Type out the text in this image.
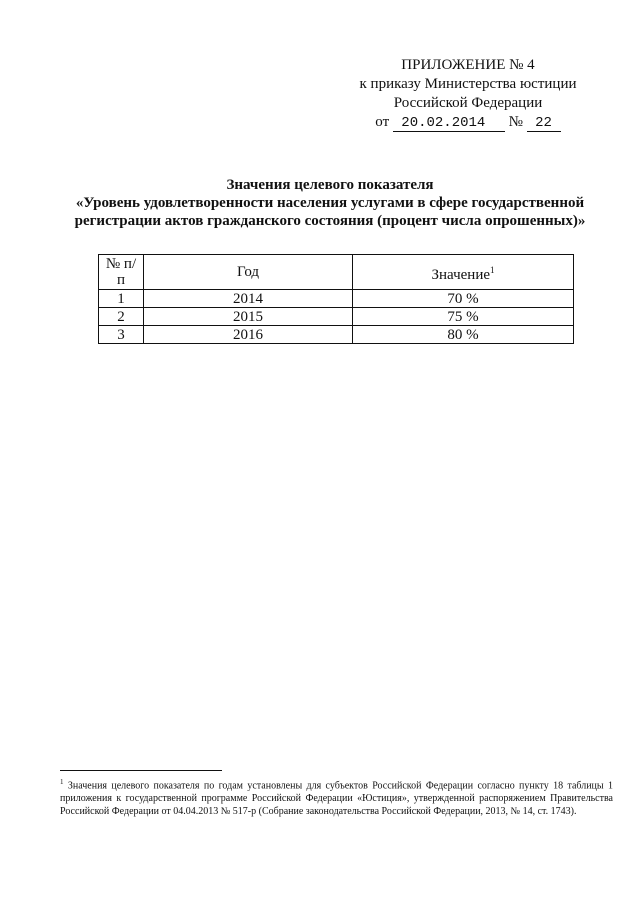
ПРИЛОЖЕНИЕ № 4
к приказу Министерства юстиции
Российской Федерации
от 20.02.2014 № 22
Значения целевого показателя
«Уровень удовлетворенности населения услугами в сфере государственной
регистрации актов гражданского состояния (процент числа опрошенных)»
№ п/п	Год	Значение$^1$
1	2014	70 %
2	2015	75 %
3	2016	80 %
$^1$ Значения целевого показателя по годам установлены для субъектов Российской Федерации согласно пункту 18 таблицы 1 приложения к государственной программе Российской Федерации «Юстиция», утвержденной распоряжением Правительства Российской Федерации от 04.04.2013 № 517-р (Собрание законодательства Российской Федерации, 2013, № 14, ст. 1743).
